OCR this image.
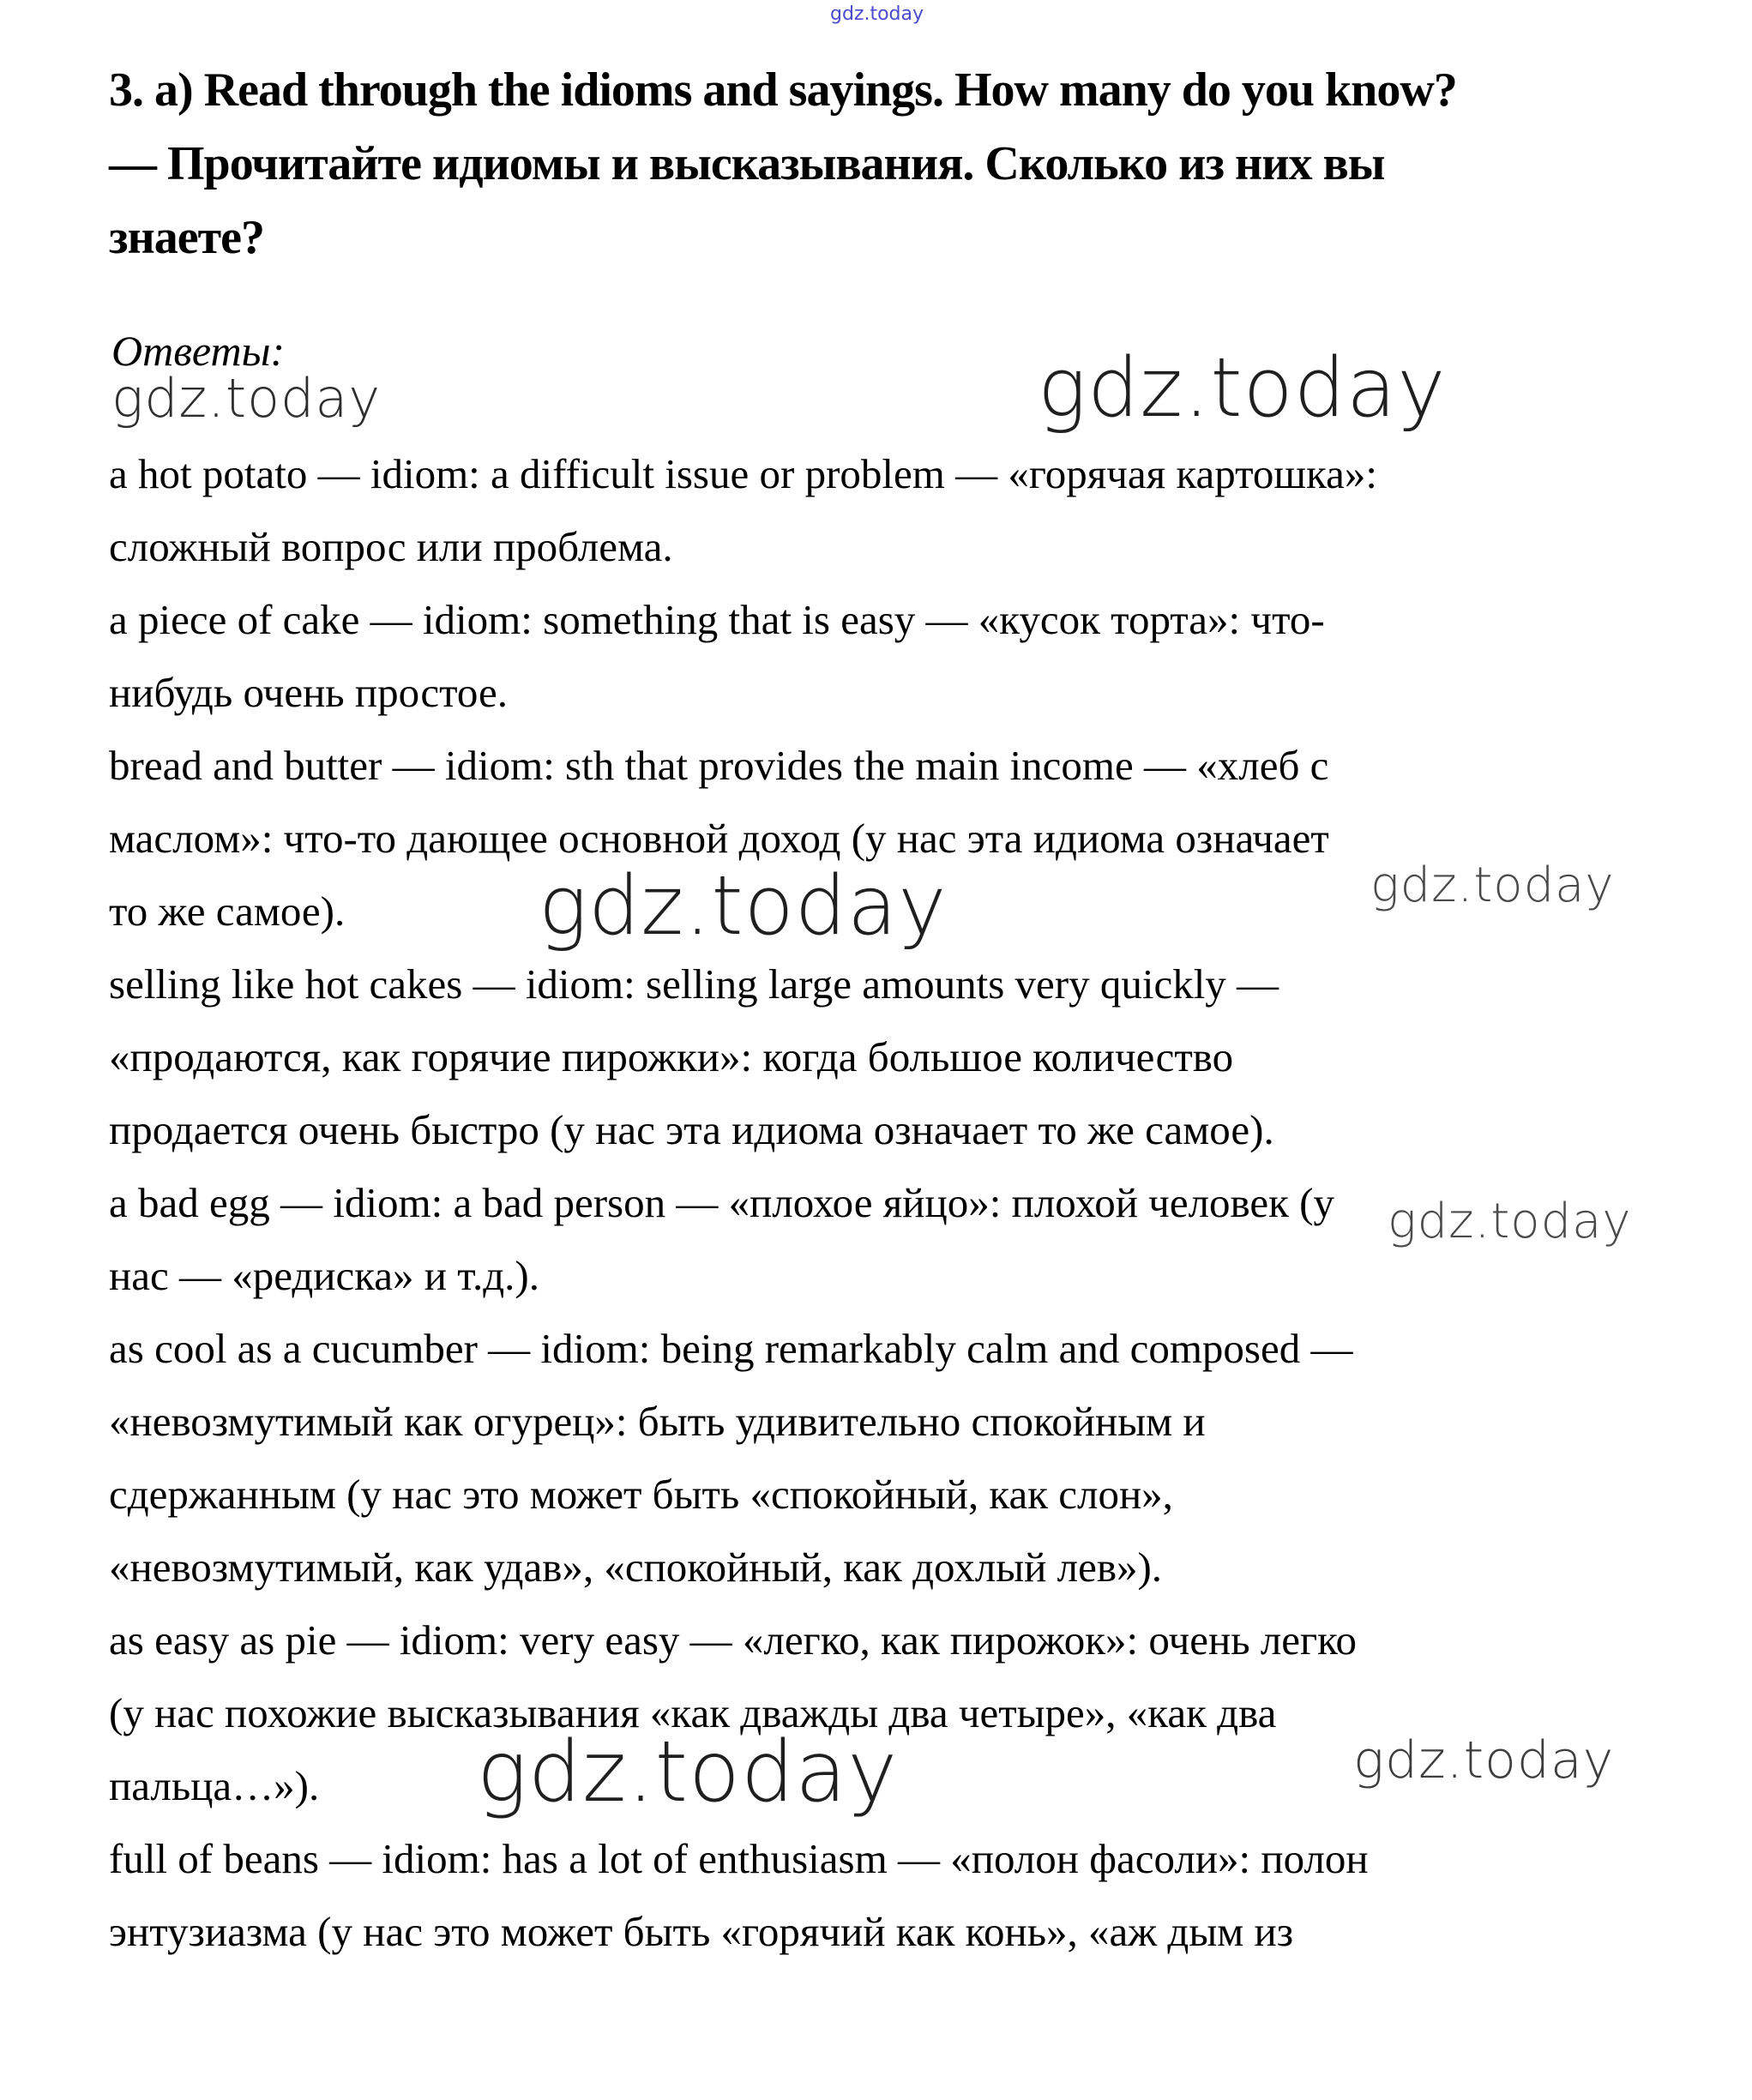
gdz.today
3. a) Read through the idioms and sayings. How many do you know?
— Прочитайте идиомы и высказывания. Сколько из них вы
знаете?
Ответы:
gdz.today	gdz.today
gdz.today	gdz.today
gdz.today
gdz.today	gdz.today
a hot potato — idiom: a difficult issue or problem — «горячая картошка»:
сложный вопрос или проблема.
a piece of cake — idiom: something that is easy — «кусок торта»: что-
нибудь очень простое.
bread and butter — idiom: sth that provides the main income — «хлеб с
маслом»: что-то дающее основной доход (у нас эта идиома означает
то же самое).
selling like hot cakes — idiom: selling large amounts very quickly —
«продаются, как горячие пирожки»: когда большое количество
продается очень быстро (у нас эта идиома означает то же самое).
a bad egg — idiom: a bad person — «плохое яйцо»: плохой человек (у
нас — «редиска» и т.д.).
as cool as a cucumber — idiom: being remarkably calm and composed —
«невозмутимый как огурец»: быть удивительно спокойным и
сдержанным (у нас это может быть «спокойный, как слон»,
«невозмутимый, как удав», «спокойный, как дохлый лев»).
as easy as pie — idiom: very easy — «легко, как пирожок»: очень легко
(у нас похожие высказывания «как дважды два четыре», «как два
пальца…»).
full of beans — idiom: has a lot of enthusiasm — «полон фасоли»: полон
энтузиазма (у нас это может быть «горячий как конь», «аж дым из
